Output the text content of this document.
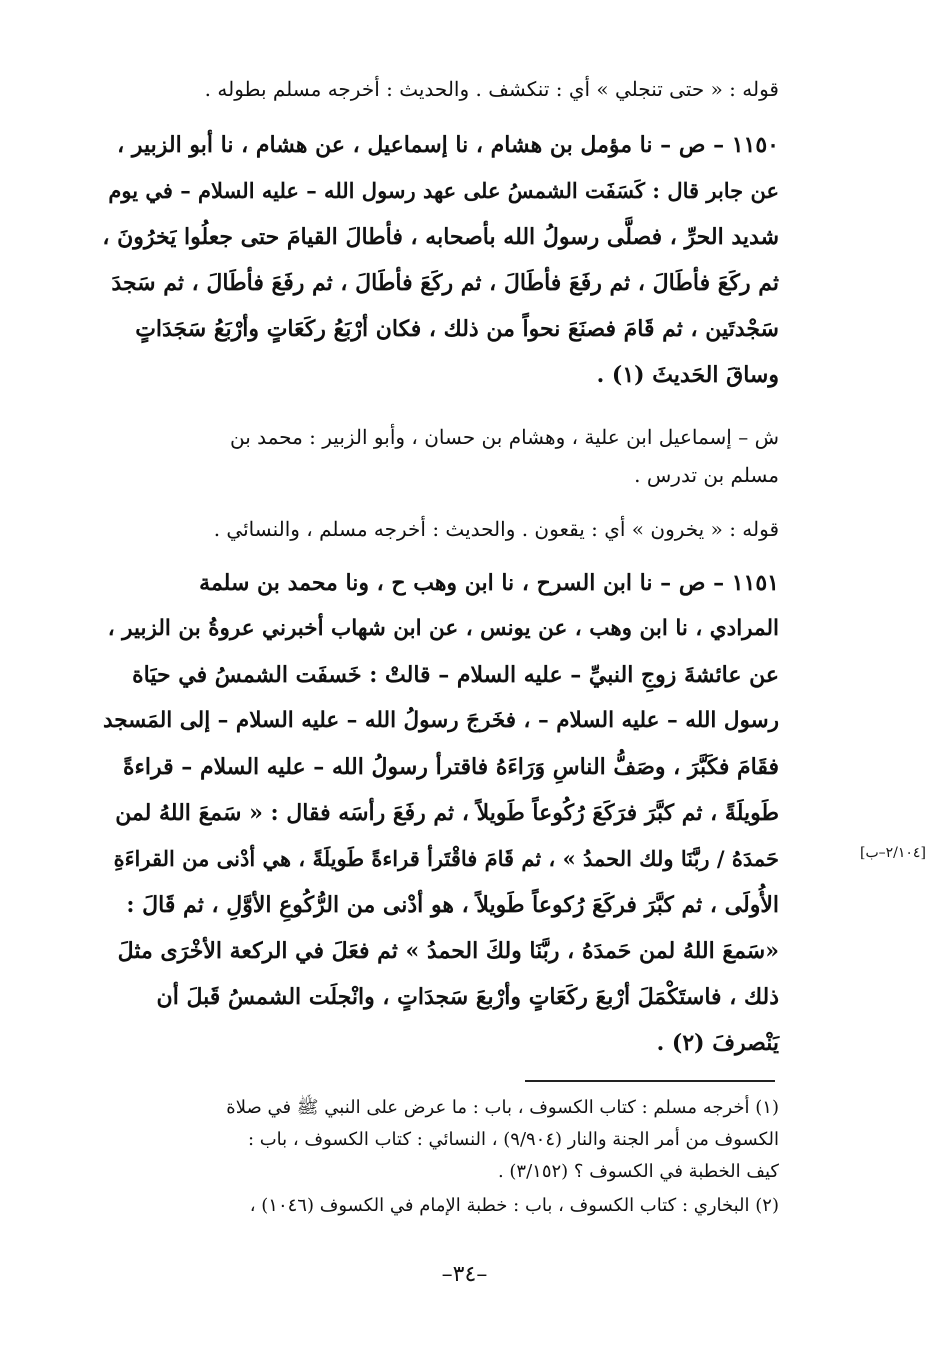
قوله : « حتى تنجلي » أي : تنكشف . والحديث : أخرجه مسلم بطوله .
١١٥٠ – ص – نا مؤمل بن هشام ، نا إسماعيل ، عن هشام ، نا أبو الزبير ،
عن جابر قال : كَسَفَت الشمسُ على عهد رسول الله – عليه السلام – في يوم
شديد الحرِّ ، فصلَّى رسولُ الله بأصحابه ، فأطالَ القيامَ حتى جعلُوا يَخرُونَ ،
ثم ركَعَ فأطَالَ ، ثم رفَعَ فأطَالَ ، ثم ركَعَ فأطَالَ ، ثم رفَعَ فأطَالَ ، ثم سَجدَ
سَجْدتَين ، ثم قَامَ فصنَعَ نحواً من ذلك ، فكان أرْبَعُ ركَعَاتٍ وأرْبَعُ سَجَدَاتٍ
وساقَ الحَديثَ (١) .
ش – إسماعيل ابن علية ، وهشام بن حسان ، وأبو الزبير : محمد بن
مسلم بن تدرس .
قوله : « يخرون » أي : يقعون . والحديث : أخرجه مسلم ، والنسائي .
١١٥١ – ص – نا ابن السرح ، نا ابن وهب ح ، ونا محمد بن سلمة
المرادي ، نا ابن وهب ، عن يونس ، عن ابن شهاب أخبرني عروةُ بن الزبير ،
عن عائشةَ زوجِ النبيِّ – عليه السلام – قالتْ : خَسفَت الشمسُ في حيَاة
رسول الله – عليه السلام – ، فخَرجَ رسولُ الله – عليه السلام – إلى المَسجد
فقَامَ فكَبَّرَ ، وصَفُّ الناسِ وَرَاءَهُ فاقترأ رسولُ الله – عليه السلام – قراءةً
طَويلَةً ، ثم كبَّرَ فرَكَعَ رُكُوعاً طَويلاً ، ثم رفَعَ رأسَه فقال : « سَمعَ اللهُ لمن
حَمدَهُ / ربَّنَا ولك الحمدُ » ، ثم قَامَ فاقْتَرأ قراءةً طَويلَةً ، هي أدْنى من القراءَةِ
الأُولَى ، ثم كبَّرَ فركَعَ رُكوعاً طَويلاً ، هو أدْنى من الرُّكُوعِ الأوَّلِ ، ثم قَالَ :
«سَمعَ اللهُ لمن حَمدَهُ ، ربَّنَا ولكَ الحمدُ » ثم فعَلَ في الركعة الأخْرَى مثلَ
ذلك ، فاستَكْمَلَ أرْبعَ ركَعَاتٍ وأرْبعَ سَجدَاتٍ ، وانْجلَت الشمسُ قَبلَ أن
يَنْصرفَ (٢) .
[٢/١٠٤–ب]
(١) أخرجه مسلم : كتاب الكسوف ، باب : ما عرض على النبي ﷺ في صلاة
الكسوف من أمر الجنة والنار (٩/٩٠٤) ، النسائي : كتاب الكسوف ، باب :
كيف الخطبة في الكسوف ؟ (٣/١٥٢) .
(٢) البخاري : كتاب الكسوف ، باب : خطبة الإمام في الكسوف (١٠٤٦) ،
–٣٤–
